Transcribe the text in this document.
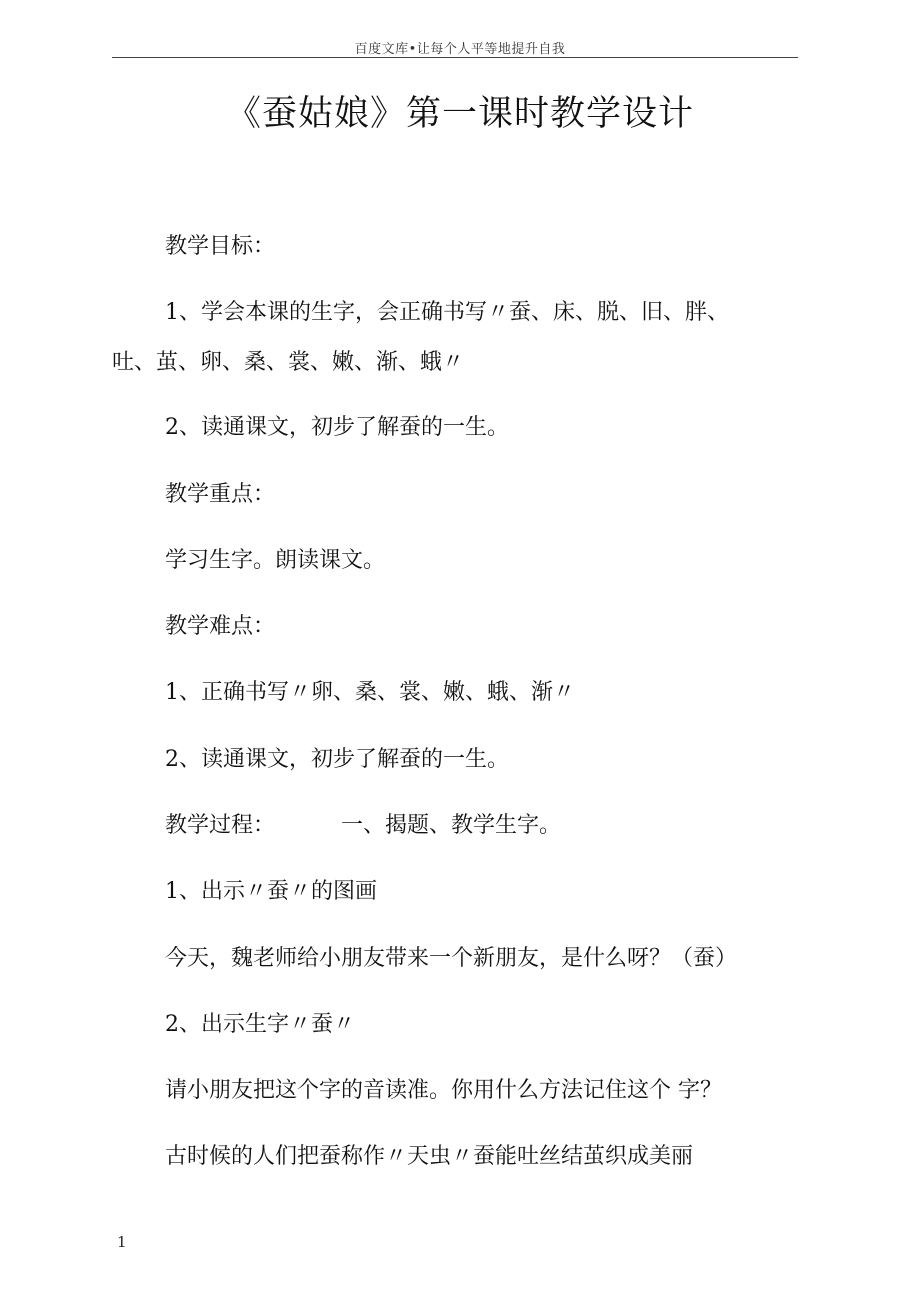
百度文库•让每个人平等地提升自我
《蚕姑娘》第一课时教学设计
教学目标：
1、学会本课的生字，会正确书写〃蚕、床、脱、旧、胖、
吐、茧、卵、桑、裳、嫩、渐、蛾〃
2、读通课文，初步了解蚕的一生。
教学重点：
学习生字。朗读课文。
教学难点：
1、正确书写〃卵、桑、裳、嫩、蛾、渐〃
2、读通课文，初步了解蚕的一生。
教学过程：	一、揭题、教学生字。
1、出示〃蚕〃的图画
今天，魏老师给小朋友带来一个新朋友，是什么呀？（蚕）
2、出示生字〃蚕〃
请小朋友把这个字的音读准。你用什么方法记住这个 字？
古时候的人们把蚕称作〃天虫〃蚕能吐丝结茧织成美丽
1
